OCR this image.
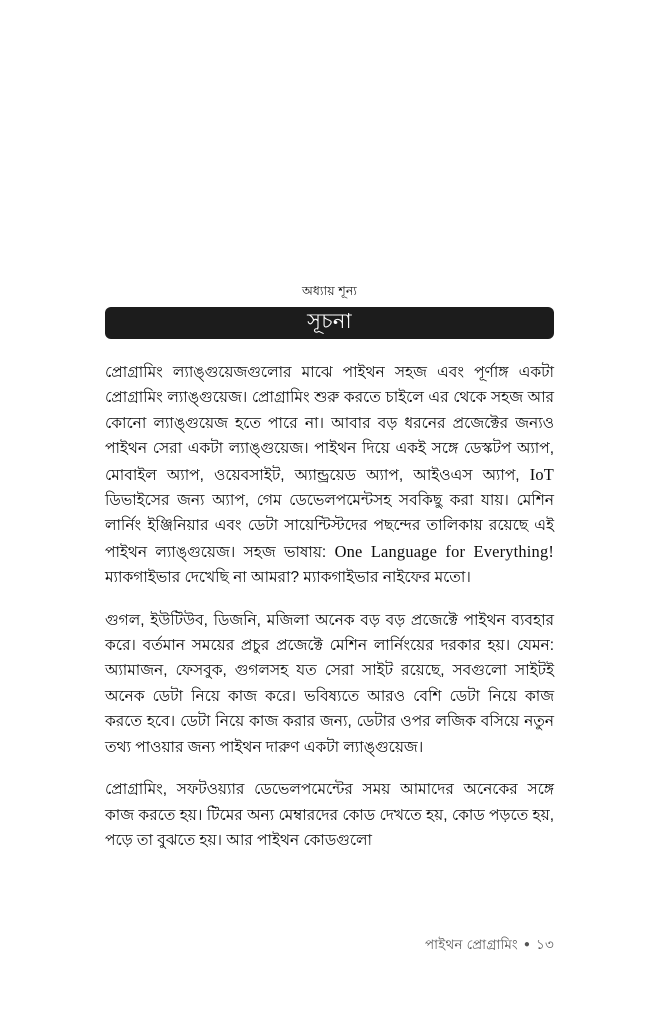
অধ্যায় শূন্য
সূচনা

প্রোগ্রামিং ল্যাঙ্গুয়েজগুলোর মাঝে পাইথন সহজ এবং পূর্ণাঙ্গ একটা প্রোগ্রামিং ল্যাঙ্গুয়েজ। প্রোগ্রামিং শুরু করতে চাইলে এর থেকে সহজ আর কোনো ল্যাঙ্গুয়েজ হতে পারে না। আবার বড় ধরনের প্রজেক্টের জন্যও পাইথন সেরা একটা ল্যাঙ্গুয়েজ। পাইথন দিয়ে একই সঙ্গে ডেস্কটপ অ্যাপ, মোবাইল অ্যাপ, ওয়েবসাইট, অ্যান্ড্রয়েড অ্যাপ, আইওএস অ্যাপ, IoT ডিভাইসের জন্য অ্যাপ, গেম ডেভেলপমেন্টসহ সবকিছু করা যায়। মেশিন লার্নিং ইঞ্জিনিয়ার এবং ডেটা সায়েন্টিস্টদের পছন্দের তালিকায় রয়েছে এই পাইথন ল্যাঙ্গুয়েজ। সহজ ভাষায়: One Language for Everything! ম্যাকগাইভার দেখেছি না আমরা? ম্যাকগাইভার নাইফের মতো।

গুগল, ইউটিউব, ডিজনি, মজিলা অনেক বড় বড় প্রজেক্টে পাইথন ব্যবহার করে। বর্তমান সময়ের প্রচুর প্রজেক্টে মেশিন লার্নিংয়ের দরকার হয়। যেমন: অ্যামাজন, ফেসবুক, গুগলসহ যত সেরা সাইট রয়েছে, সবগুলো সাইটই অনেক ডেটা নিয়ে কাজ করে। ভবিষ্যতে আরও বেশি ডেটা নিয়ে কাজ করতে হবে। ডেটা নিয়ে কাজ করার জন্য, ডেটার ওপর লজিক বসিয়ে নতুন তথ্য পাওয়ার জন্য পাইথন দারুণ একটা ল্যাঙ্গুয়েজ।

প্রোগ্রামিং, সফটওয়্যার ডেভেলপমেন্টের সময় আমাদের অনেকের সঙ্গে কাজ করতে হয়। টিমের অন্য মেম্বারদের কোড দেখতে হয়, কোড পড়তে হয়, পড়ে তা বুঝতে হয়। আর পাইথন কোডগুলো

পাইথন প্রোগ্রামিং ● ১৩
